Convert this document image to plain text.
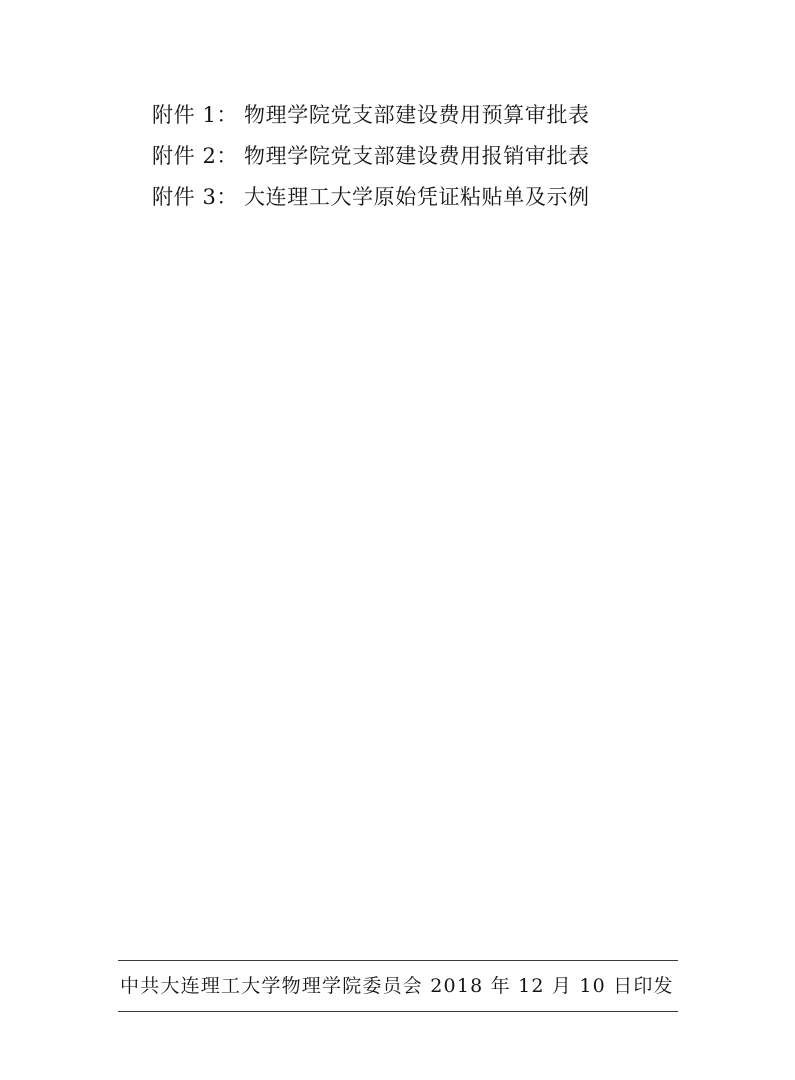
附件 1： 物理学院党支部建设费用预算审批表
附件 2： 物理学院党支部建设费用报销审批表
附件 3： 大连理工大学原始凭证粘贴单及示例
中共大连理工大学物理学院委员会 2018 年 12 月 10 日印发
